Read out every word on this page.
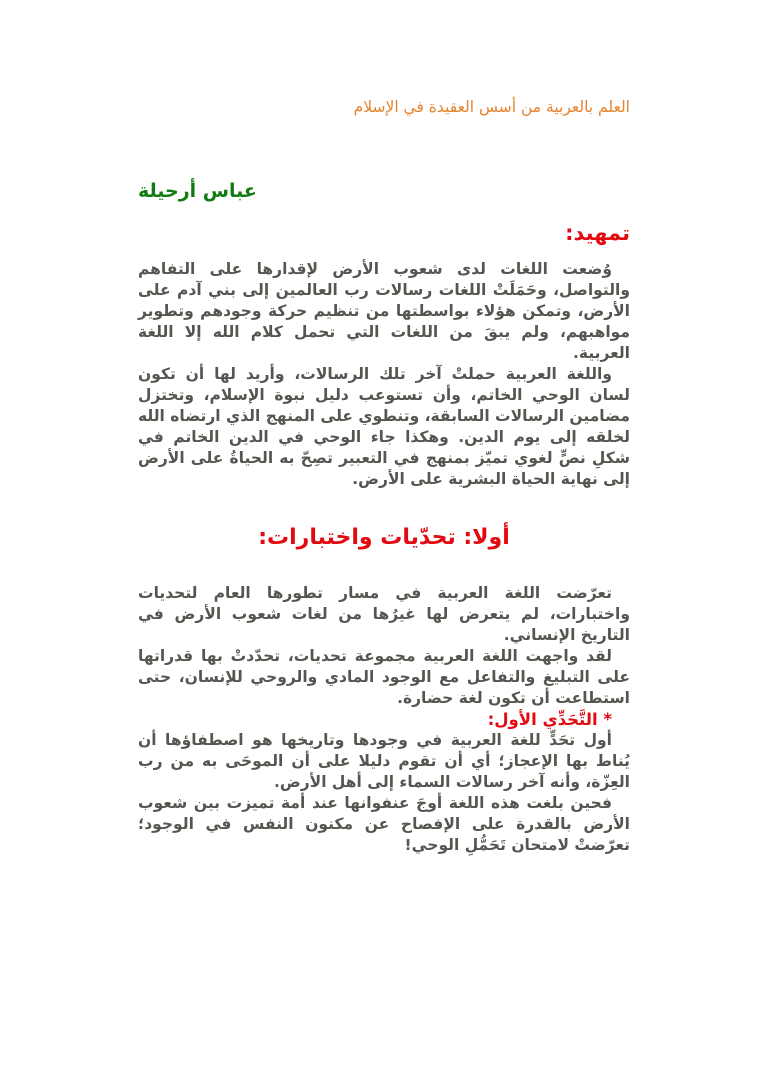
العلم بالعربية من أسس العقيدة في الإسلام
عباس أرحيلة
تمهيد:

وُضعت اللغات لدى شعوب الأرض لإقدارها على التفاهم والتواصل، وحَمَلَتْ اللغات رسالات رب العالمين إلى بني آدم على الأرض، وتمكن هؤلاء بواسطتها من تنظيم حركة وجودهم وتطوير مواهبهم، ولم يبقَ من اللغات التي تحمل كلام الله إلا اللغة العربية.

واللغة العربية حملتْ آخر تلك الرسالات، وأريد لها أن تكون لسان الوحي الخاتم، وأن تستوعب دليل نبوة الإسلام، وتختزل مضامين الرسالات السابقة، وتنطوي على المنهج الذي ارتضاه الله لخلقه إلى يوم الدين. وهكذا جاء الوحي في الدين الخاتم في شكلِ نصٍّ لغوي تميّز بمنهج في التعبير تصِحّ به الحياةُ على الأرض إلى نهاية الحياة البشرية على الأرض.

أولا: تحدّيات واختبارات:

تعرّضت اللغة العربية في مسار تطورها العام لتحديات واختبارات، لم يتعرض لها غيرُها من لغات شعوب الأرض في التاريخ الإنساني.

لقد واجهت اللغة العربية مجموعة تحديات، تحدّدتْ بها قدراتها على التبليغ والتفاعل مع الوجود المادي والروحي للإنسان، حتى استطاعت أن تكون لغة حضارة.

* التَّحَدِّي الأول:

أول تحَدٍّ للغة العربية في وجودها وتاريخها هو اصطفاؤها أن يُناط بها الإعجاز؛ أي أن تقوم دليلا على أن الموحَى به من رب العِزّة، وأنه آخر رسالات السماء إلى أهل الأرض.

فحين بلغت هذه اللغة أوجَ عنفوانها عند أمة تميزت بين شعوب الأرض بالقدرة على الإفصاح عن مكنون النفس في الوجود؛ تعرّضتْ لامتحان تَحَمُّلِ الوحي!
